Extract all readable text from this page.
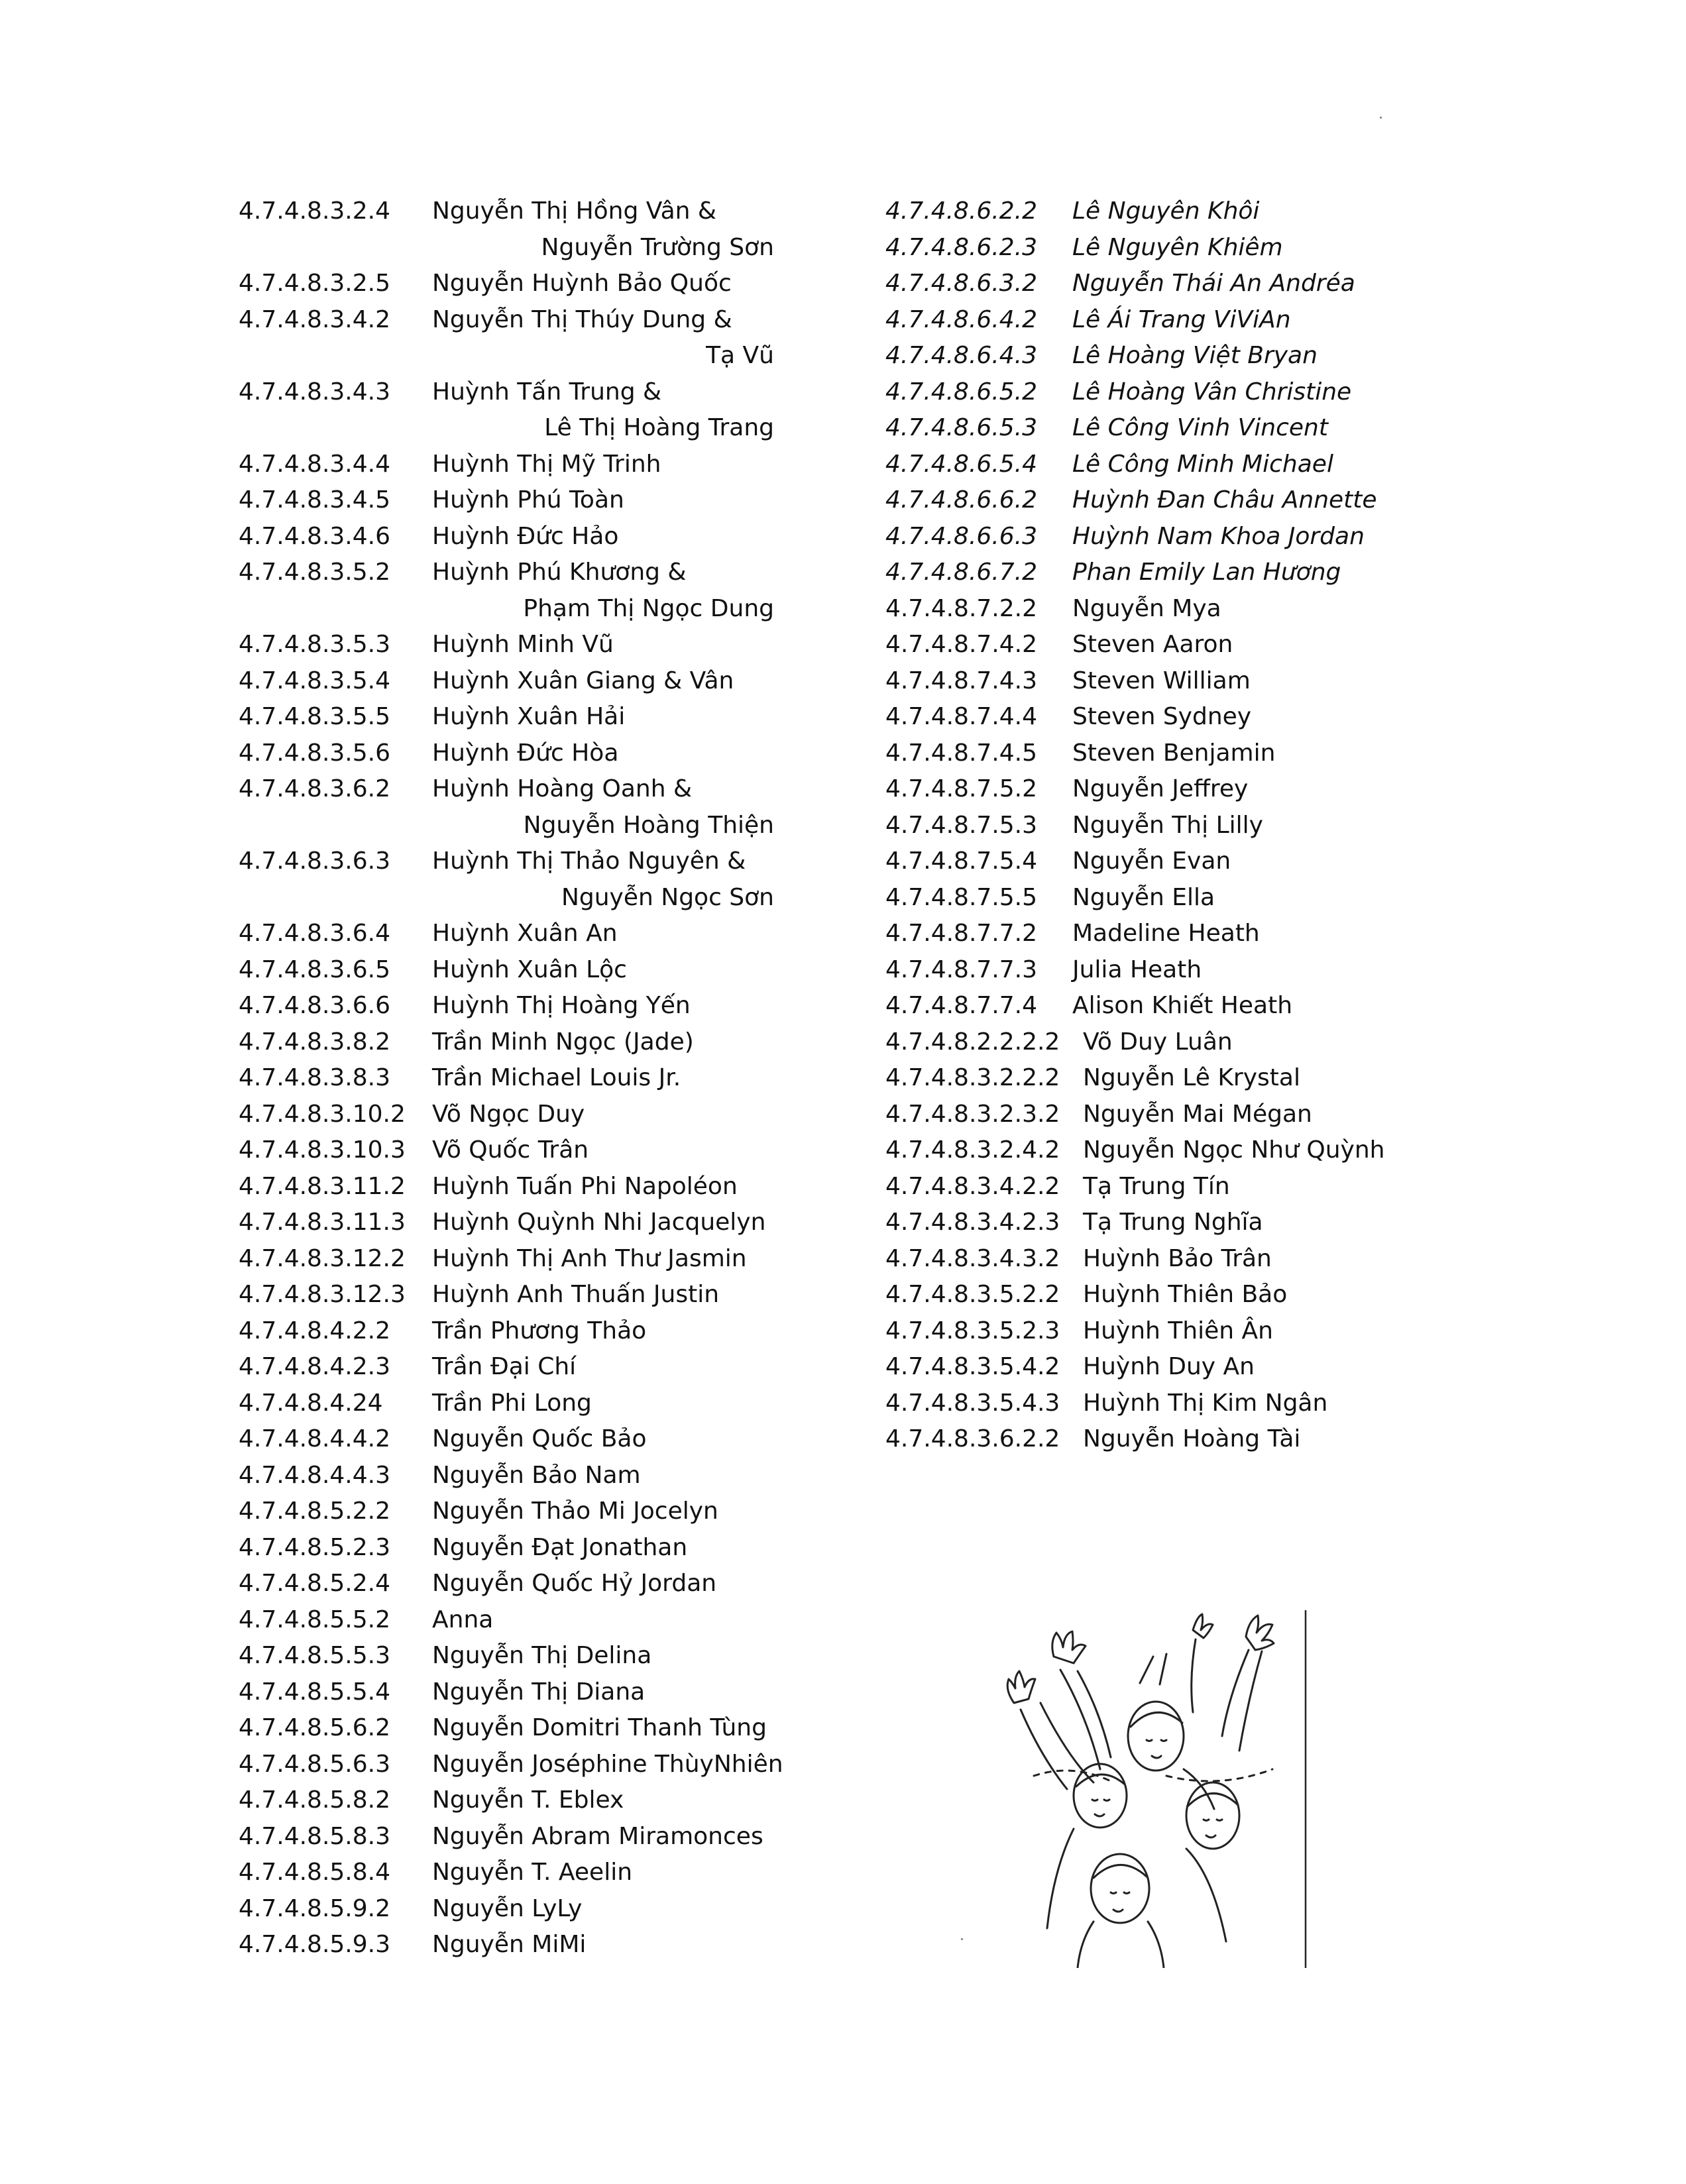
4.7.4.8.3.2.4 Nguyễn Thị Hồng Vân &
Nguyễn Trường Sơn
4.7.4.8.3.2.5 Nguyễn Huỳnh Bảo Quốc
4.7.4.8.3.4.2 Nguyễn Thị Thúy Dung &
Tạ Vũ
4.7.4.8.3.4.3 Huỳnh Tấn Trung &
Lê Thị Hoàng Trang
4.7.4.8.3.4.4 Huỳnh Thị Mỹ Trinh
4.7.4.8.3.4.5 Huỳnh Phú Toàn
4.7.4.8.3.4.6 Huỳnh Đức Hảo
4.7.4.8.3.5.2 Huỳnh Phú Khương &
Phạm Thị Ngọc Dung
4.7.4.8.3.5.3 Huỳnh Minh Vũ
4.7.4.8.3.5.4 Huỳnh Xuân Giang & Vân
4.7.4.8.3.5.5 Huỳnh Xuân Hải
4.7.4.8.3.5.6 Huỳnh Đức Hòa
4.7.4.8.3.6.2 Huỳnh Hoàng Oanh &
Nguyễn Hoàng Thiện
4.7.4.8.3.6.3 Huỳnh Thị Thảo Nguyên &
Nguyễn Ngọc Sơn
4.7.4.8.3.6.4 Huỳnh Xuân An
4.7.4.8.3.6.5 Huỳnh Xuân Lộc
4.7.4.8.3.6.6 Huỳnh Thị Hoàng Yến
4.7.4.8.3.8.2 Trần Minh Ngọc (Jade)
4.7.4.8.3.8.3 Trần Michael Louis Jr.
4.7.4.8.3.10.2 Võ Ngọc Duy
4.7.4.8.3.10.3 Võ Quốc Trân
4.7.4.8.3.11.2 Huỳnh Tuấn Phi Napoléon
4.7.4.8.3.11.3 Huỳnh Quỳnh Nhi Jacquelyn
4.7.4.8.3.12.2 Huỳnh Thị Anh Thư Jasmin
4.7.4.8.3.12.3 Huỳnh Anh Thuấn Justin
4.7.4.8.4.2.2 Trần Phương Thảo
4.7.4.8.4.2.3 Trần Đại Chí
4.7.4.8.4.24 Trần Phi Long
4.7.4.8.4.4.2 Nguyễn Quốc Bảo
4.7.4.8.4.4.3 Nguyễn Bảo Nam
4.7.4.8.5.2.2 Nguyễn Thảo Mi Jocelyn
4.7.4.8.5.2.3 Nguyễn Đạt Jonathan
4.7.4.8.5.2.4 Nguyễn Quốc Hỷ Jordan
4.7.4.8.5.5.2 Anna
4.7.4.8.5.5.3 Nguyễn Thị Delina
4.7.4.8.5.5.4 Nguyễn Thị Diana
4.7.4.8.5.6.2 Nguyễn Domitri Thanh Tùng
4.7.4.8.5.6.3 Nguyễn Joséphine ThùyNhiên
4.7.4.8.5.8.2 Nguyễn T. Eblex
4.7.4.8.5.8.3 Nguyễn Abram Miramonces
4.7.4.8.5.8.4 Nguyễn T. Aeelin
4.7.4.8.5.9.2 Nguyễn LyLy
4.7.4.8.5.9.3 Nguyễn MiMi
4.7.4.8.6.2.2 Lê Nguyên Khôi
4.7.4.8.6.2.3 Lê Nguyên Khiêm
4.7.4.8.6.3.2 Nguyễn Thái An Andréa
4.7.4.8.6.4.2 Lê Ái Trang ViViAn
4.7.4.8.6.4.3 Lê Hoàng Việt Bryan
4.7.4.8.6.5.2 Lê Hoàng Vân Christine
4.7.4.8.6.5.3 Lê Công Vinh Vincent
4.7.4.8.6.5.4 Lê Công Minh Michael
4.7.4.8.6.6.2 Huỳnh Đan Châu Annette
4.7.4.8.6.6.3 Huỳnh Nam Khoa Jordan
4.7.4.8.6.7.2 Phan Emily Lan Hương
4.7.4.8.7.2.2 Nguyễn Mya
4.7.4.8.7.4.2 Steven Aaron
4.7.4.8.7.4.3 Steven William
4.7.4.8.7.4.4 Steven Sydney
4.7.4.8.7.4.5 Steven Benjamin
4.7.4.8.7.5.2 Nguyễn Jeffrey
4.7.4.8.7.5.3 Nguyễn Thị Lilly
4.7.4.8.7.5.4 Nguyễn Evan
4.7.4.8.7.5.5 Nguyễn Ella
4.7.4.8.7.7.2 Madeline Heath
4.7.4.8.7.7.3 Julia Heath
4.7.4.8.7.7.4 Alison Khiết Heath
4.7.4.8.2.2.2.2 Võ Duy Luân
4.7.4.8.3.2.2.2 Nguyễn Lê Krystal
4.7.4.8.3.2.3.2 Nguyễn Mai Mégan
4.7.4.8.3.2.4.2 Nguyễn Ngọc Như Quỳnh
4.7.4.8.3.4.2.2 Tạ Trung Tín
4.7.4.8.3.4.2.3 Tạ Trung Nghĩa
4.7.4.8.3.4.3.2 Huỳnh Bảo Trân
4.7.4.8.3.5.2.2 Huỳnh Thiên Bảo
4.7.4.8.3.5.2.3 Huỳnh Thiên Ân
4.7.4.8.3.5.4.2 Huỳnh Duy An
4.7.4.8.3.5.4.3 Huỳnh Thị Kim Ngân
4.7.4.8.3.6.2.2 Nguyễn Hoàng Tài
